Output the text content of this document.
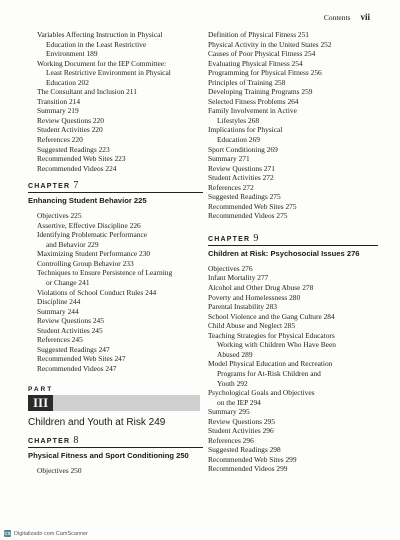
Contents vii
Variables Affecting Instruction in Physical
Education in the Least Restrictive
Environment 189
Working Document for the IEP Committee:
Least Restrictive Environment in Physical
Education 202
The Consultant and Inclusion 211
Transition 214
Summary 219
Review Questions 220
Student Activities 220
References 220
Suggested Readings 223
Recommended Web Sites 223
Recommended Videos 224
CHAPTER 7
Enhancing Student Behavior 225
Objectives 225
Assertive, Effective Discipline 226
Identifying Problematic Performance
and Behavior 229
Maximizing Student Performance 230
Controlling Group Behavior 233
Techniques to Ensure Persistence of Learning
or Change 241
Violations of School Conduct Rules 244
Discipline 244
Summary 244
Review Questions 245
Student Activities 245
References 245
Suggested Readings 247
Recommended Web Sites 247
Recommended Videos 247
PART
III
Children and Youth at Risk 249
CHAPTER 8
Physical Fitness and Sport Conditioning 250
Objectives 250
Definition of Physical Fitness 251
Physical Activity in the United States 252
Causes of Poor Physical Fitness 254
Evaluating Physical Fitness 254
Programming for Physical Fitness 256
Principles of Training 258
Developing Training Programs 259
Selected Fitness Problems 264
Family Involvement in Active
Lifestyles 268
Implications for Physical
Education 269
Sport Conditioning 269
Summary 271
Review Questions 271
Student Activities 272
References 272
Suggested Readings 275
Recommended Web Sites 275
Recommended Videos 275
CHAPTER 9
Children at Risk: Psychosocial Issues 276
Objectives 276
Infant Mortality 277
Alcohol and Other Drug Abuse 278
Poverty and Homelessness 280
Parental Instability 283
School Violence and the Gang Culture 284
Child Abuse and Neglect 285
Teaching Strategies for Physical Educators
Working with Children Who Have Been
Abused 289
Model Physical Education and Recreation
Programs for At-Risk Children and
Youth 292
Psychological Goals and Objectives
on the IEP 294
Summary 295
Review Questions 295
Student Activities 296
References 296
Suggested Readings 298
Recommended Web Sites 299
Recommended Videos 299
CS Digitalizado com CamScanner
